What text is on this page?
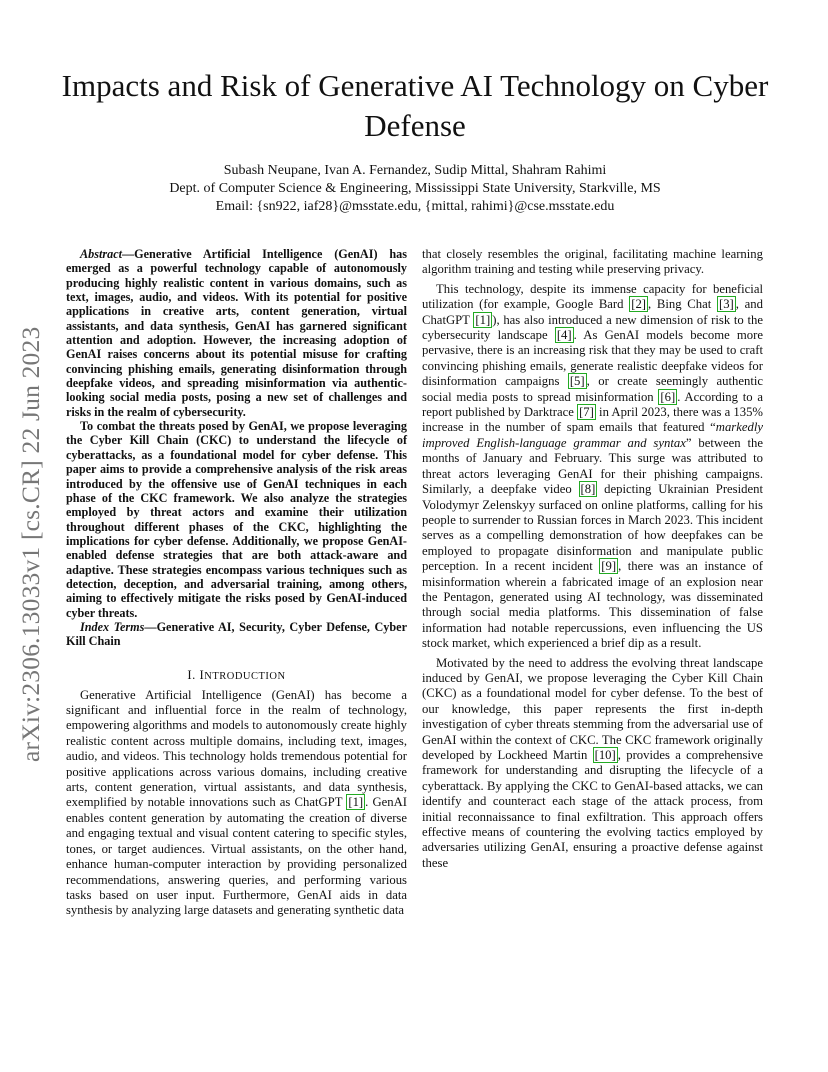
arXiv:2306.13033v1 [cs.CR] 22 Jun 2023
Impacts and Risk of Generative AI Technology on Cyber Defense
Subash Neupane, Ivan A. Fernandez, Sudip Mittal, Shahram Rahimi
Dept. of Computer Science & Engineering, Mississippi State University, Starkville, MS
Email: {sn922, iaf28}@msstate.edu, {mittal, rahimi}@cse.msstate.edu

Abstract—Generative Artificial Intelligence (GenAI) has emerged as a powerful technology capable of autonomously producing highly realistic content in various domains, such as text, images, audio, and videos. With its potential for positive applications in creative arts, content generation, virtual assistants, and data synthesis, GenAI has garnered significant attention and adoption. However, the increasing adoption of GenAI raises concerns about its potential misuse for crafting convincing phishing emails, generating disinformation through deepfake videos, and spreading misinformation via authentic-looking social media posts, posing a new set of challenges and risks in the realm of cybersecurity.

To combat the threats posed by GenAI, we propose leveraging the Cyber Kill Chain (CKC) to understand the lifecycle of cyberattacks, as a foundational model for cyber defense. This paper aims to provide a comprehensive analysis of the risk areas introduced by the offensive use of GenAI techniques in each phase of the CKC framework. We also analyze the strategies employed by threat actors and examine their utilization throughout different phases of the CKC, highlighting the implications for cyber defense. Additionally, we propose GenAI-enabled defense strategies that are both attack-aware and adaptive. These strategies encompass various techniques such as detection, deception, and adversarial training, among others, aiming to effectively mitigate the risks posed by GenAI-induced cyber threats.

Index Terms—Generative AI, Security, Cyber Defense, Cyber Kill Chain

I. INTRODUCTION

Generative Artificial Intelligence (GenAI) has become a significant and influential force in the realm of technology, empowering algorithms and models to autonomously create highly realistic content across multiple domains, including text, images, audio, and videos. This technology holds tremendous potential for positive applications across various domains, including creative arts, content generation, virtual assistants, and data synthesis, exemplified by notable innovations such as ChatGPT [1] . GenAI enables content generation by automating the creation of diverse and engaging textual and visual content catering to specific styles, tones, or target audiences. Virtual assistants, on the other hand, enhance human-computer interaction by providing personalized recommendations, answering queries, and performing various tasks based on user input. Furthermore, GenAI aids in data synthesis by analyzing large datasets and generating synthetic data

that closely resembles the original, facilitating machine learning algorithm training and testing while preserving privacy.

This technology, despite its immense capacity for beneficial utilization (for example, Google Bard [2] , Bing Chat [3] , and ChatGPT [1] ), has also introduced a new dimension of risk to the cybersecurity landscape [4] . As GenAI models become more pervasive, there is an increasing risk that they may be used to craft convincing phishing emails, generate realistic deepfake videos for disinformation campaigns [5] , or create seemingly authentic social media posts to spread misinformation [6] . According to a report published by Darktrace [7] in April 2023, there was a 135% increase in the number of spam emails that featured “markedly improved English-language grammar and syntax” between the months of January and February. This surge was attributed to threat actors leveraging GenAI for their phishing campaigns. Similarly, a deepfake video [8] depicting Ukrainian President Volodymyr Zelenskyy surfaced on online platforms, calling for his people to surrender to Russian forces in March 2023. This incident serves as a compelling demonstration of how deepfakes can be employed to propagate disinformation and manipulate public perception. In a recent incident [9] , there was an instance of misinformation wherein a fabricated image of an explosion near the Pentagon, generated using AI technology, was disseminated through social media platforms. This dissemination of false information had notable repercussions, even influencing the US stock market, which experienced a brief dip as a result.

Motivated by the need to address the evolving threat landscape induced by GenAI, we propose leveraging the Cyber Kill Chain (CKC) as a foundational model for cyber defense. To the best of our knowledge, this paper represents the first in-depth investigation of cyber threats stemming from the adversarial use of GenAI within the context of CKC. The CKC framework originally developed by Lockheed Martin [10] , provides a comprehensive framework for understanding and disrupting the lifecycle of a cyberattack. By applying the CKC to GenAI-based attacks, we can identify and counteract each stage of the attack process, from initial reconnaissance to final exfiltration. This approach offers effective means of countering the evolving tactics employed by adversaries utilizing GenAI, ensuring a proactive defense against these
